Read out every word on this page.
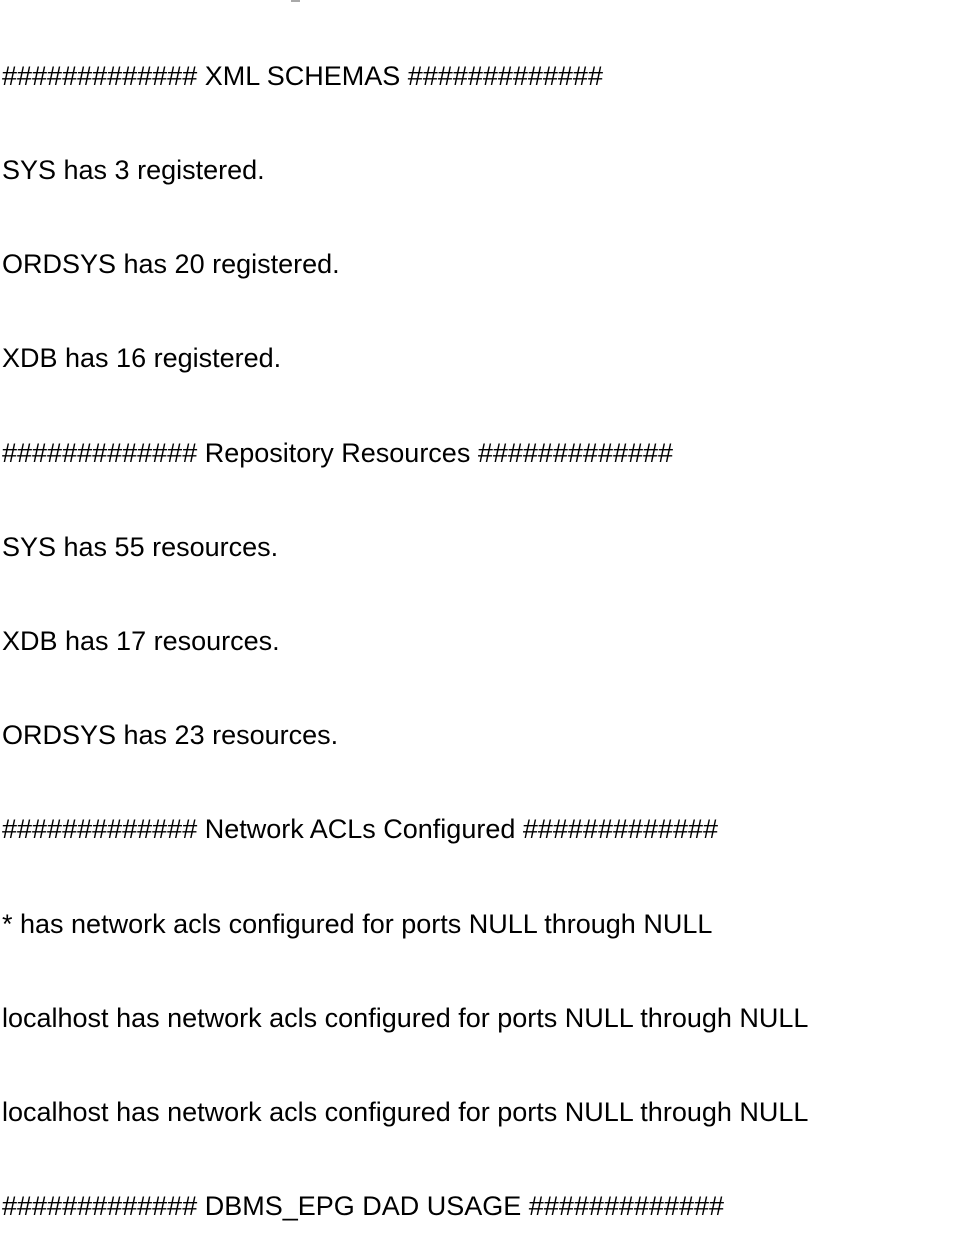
############# XML SCHEMAS #############

SYS has 3 registered.

ORDSYS has 20 registered.

XDB has 16 registered.

############# Repository Resources #############

SYS has 55 resources.

XDB has 17 resources.

ORDSYS has 23 resources.

############# Network ACLs Configured #############

* has network acls configured for ports NULL through NULL

localhost has network acls configured for ports NULL through NULL

localhost has network acls configured for ports NULL through NULL

############# DBMS_EPG DAD USAGE #############
